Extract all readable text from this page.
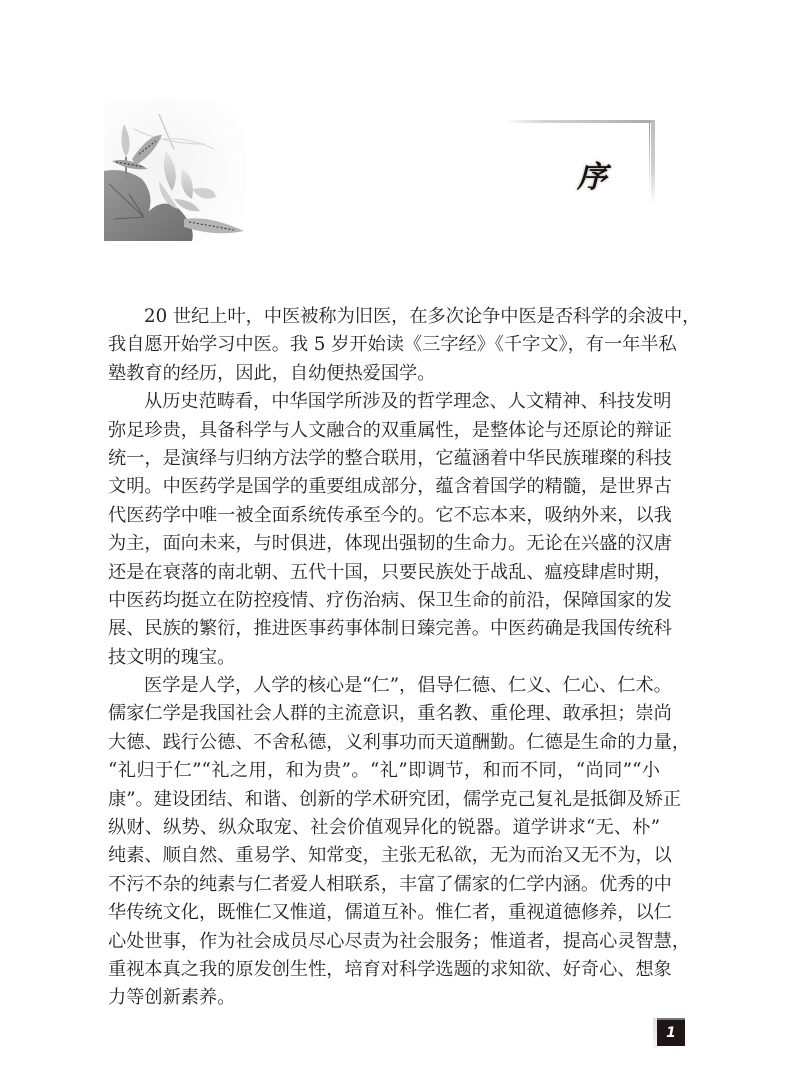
序
20 世纪上叶，中医被称为旧医，在多次论争中医是否科学的余波中，
我自愿开始学习中医。我 5 岁开始读《三字经》《千字文》，有一年半私
塾教育的经历，因此，自幼便热爱国学。
从历史范畴看，中华国学所涉及的哲学理念、人文精神、科技发明
弥足珍贵，具备科学与人文融合的双重属性，是整体论与还原论的辩证
统一，是演绎与归纳方法学的整合联用，它蕴涵着中华民族璀璨的科技
文明。中医药学是国学的重要组成部分，蕴含着国学的精髓，是世界古
代医药学中唯一被全面系统传承至今的。它不忘本来，吸纳外来，以我
为主，面向未来，与时俱进，体现出强韧的生命力。无论在兴盛的汉唐
还是在衰落的南北朝、五代十国，只要民族处于战乱、瘟疫肆虐时期，
中医药均挺立在防控疫情、疗伤治病、保卫生命的前沿，保障国家的发
展、民族的繁衍，推进医事药事体制日臻完善。中医药确是我国传统科
技文明的瑰宝。
医学是人学，人学的核心是“仁”，倡导仁德、仁义、仁心、仁术。
儒家仁学是我国社会人群的主流意识，重名教、重伦理、敢承担；崇尚
大德、践行公德、不舍私德，义利事功而天道酬勤。仁德是生命的力量，
“礼归于仁”“礼之用，和为贵”。“礼”即调节，和而不同，“尚同”“小
康”。建设团结、和谐、创新的学术研究团，儒学克己复礼是抵御及矫正
纵财、纵势、纵众取宠、社会价值观异化的锐器。道学讲求“无、朴”
纯素、顺自然、重易学、知常变，主张无私欲，无为而治又无不为，以
不污不杂的纯素与仁者爱人相联系，丰富了儒家的仁学内涵。优秀的中
华传统文化，既惟仁又惟道，儒道互补。惟仁者，重视道德修养，以仁
心处世事，作为社会成员尽心尽责为社会服务；惟道者，提高心灵智慧，
重视本真之我的原发创生性，培育对科学选题的求知欲、好奇心、想象
力等创新素养。
1
